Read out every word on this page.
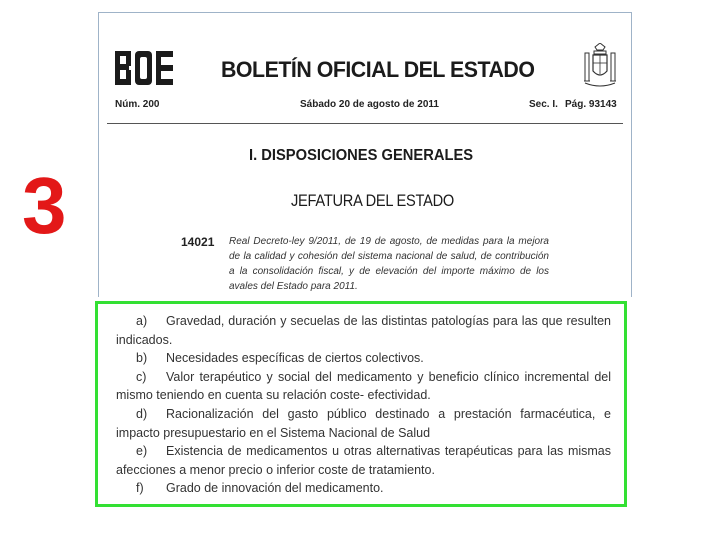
3
BOLETÍN OFICIAL DEL ESTADO
Núm. 200	Sábado 20 de agosto de 2011	Sec. I. Pág. 93143
I. DISPOSICIONES GENERALES
JEFATURA DEL ESTADO
14021 Real Decreto-ley 9/2011, de 19 de agosto, de medidas para la mejora de la calidad y cohesión del sistema nacional de salud, de contribución a la consolidación fiscal, y de elevación del importe máximo de los avales del Estado para 2011.

a) Gravedad, duración y secuelas de las distintas patologías para las que resulten indicados.

b) Necesidades específicas de ciertos colectivos.

c) Valor terapéutico y social del medicamento y beneficio clínico incremental del mismo teniendo en cuenta su relación coste- efectividad.

d) Racionalización del gasto público destinado a prestación farmacéutica, e impacto presupuestario en el Sistema Nacional de Salud

e) Existencia de medicamentos u otras alternativas terapéuticas para las mismas afecciones a menor precio o inferior coste de tratamiento.

f) Grado de innovación del medicamento.
